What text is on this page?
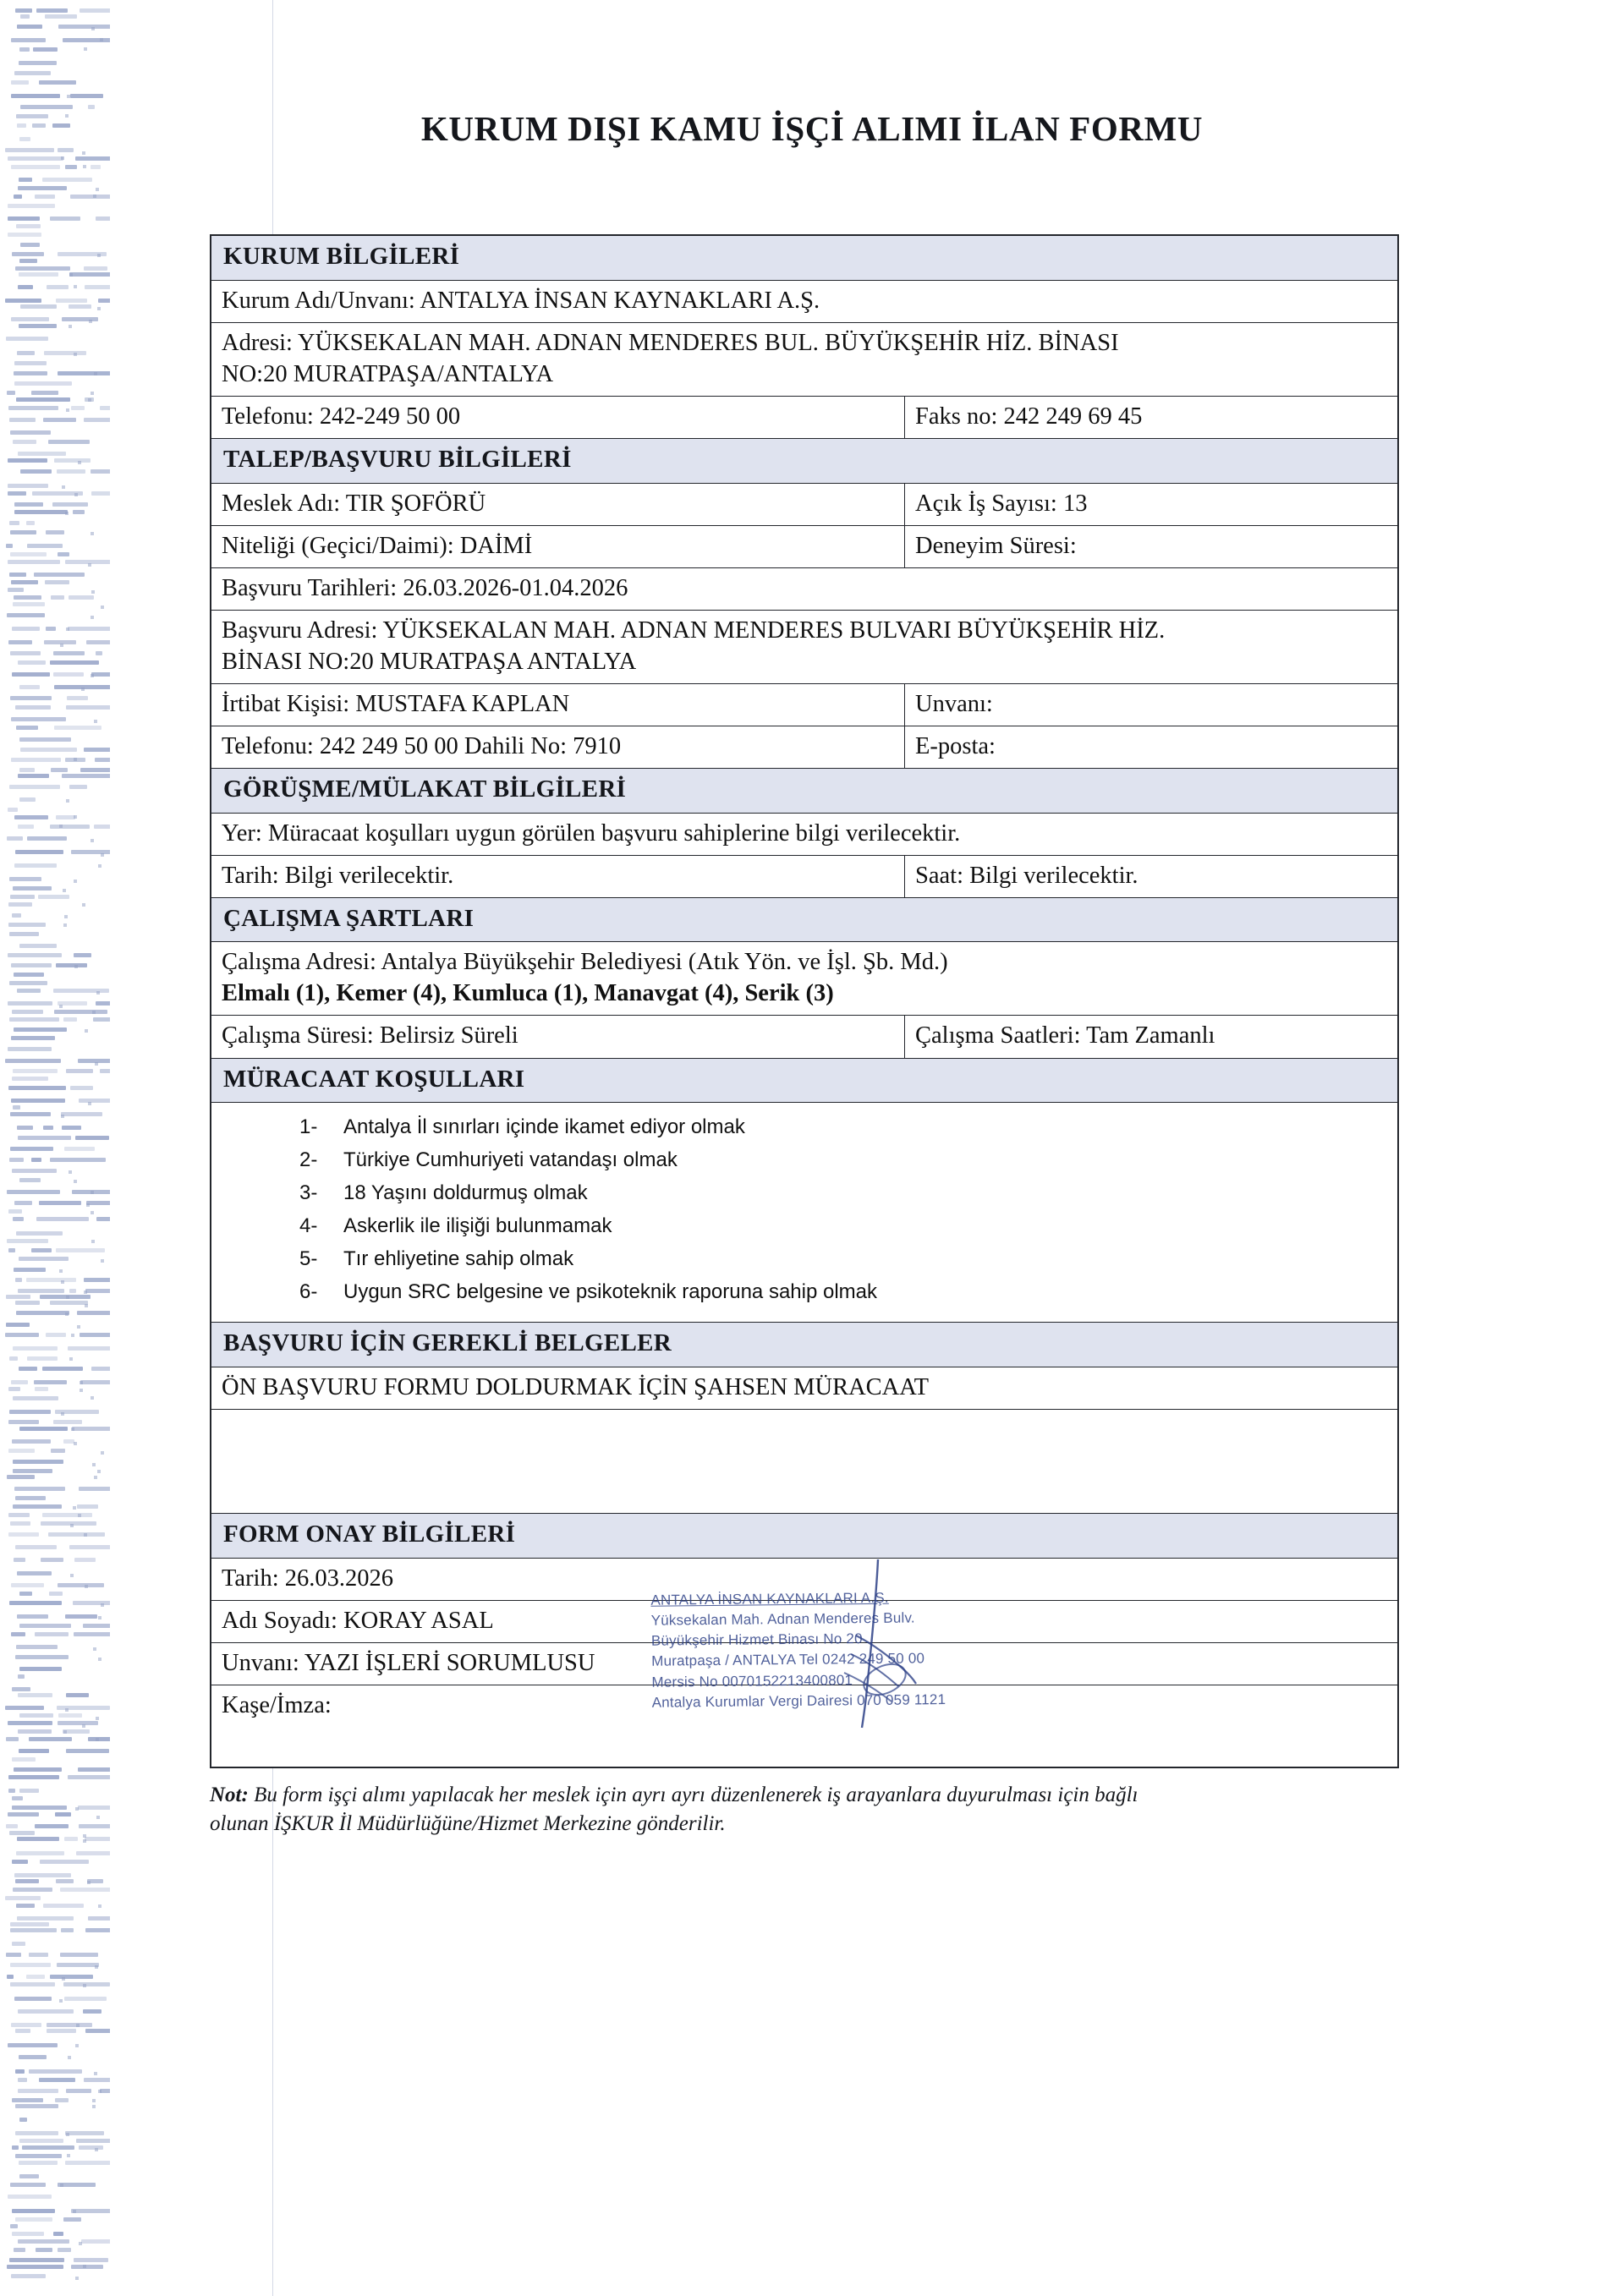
KURUM DIŞI KAMU İŞÇİ ALIMI İLAN FORMU
KURUM BİLGİLERİ
Kurum Adı/Unvanı: ANTALYA İNSAN KAYNAKLARI A.Ş.
Adresi: YÜKSEKALAN MAH. ADNAN MENDERES BUL. BÜYÜKŞEHİR HİZ. BİNASI
NO:20 MURATPAŞA/ANTALYA
Telefonu: 242-249 50 00	Faks no: 242 249 69 45
TALEP/BAŞVURU BİLGİLERİ
Meslek Adı: TIR ŞOFÖRÜ	Açık İş Sayısı: 13
Niteliği (Geçici/Daimi): DAİMİ	Deneyim Süresi:
Başvuru Tarihleri: 26.03.2026-01.04.2026
Başvuru Adresi: YÜKSEKALAN MAH. ADNAN MENDERES BULVARI BÜYÜKŞEHİR HİZ.
BİNASI NO:20 MURATPAŞA ANTALYA
İrtibat Kişisi: MUSTAFA KAPLAN	Unvanı:
Telefonu: 242 249 50 00 Dahili No: 7910	E-posta:
GÖRÜŞME/MÜLAKAT BİLGİLERİ
Yer: Müracaat koşulları uygun görülen başvuru sahiplerine bilgi verilecektir.
Tarih: Bilgi verilecektir.	Saat: Bilgi verilecektir.
ÇALIŞMA ŞARTLARI
Çalışma Adresi: Antalya Büyükşehir Belediyesi (Atık Yön. ve İşl. Şb. Md.)
Elmalı (1), Kemer (4), Kumluca (1), Manavgat (4), Serik (3)
Çalışma Süresi: Belirsiz Süreli	Çalışma Saatleri: Tam Zamanlı
MÜRACAAT KOŞULLARI
1-	Antalya İl sınırları içinde ikamet ediyor olmak
2-	Türkiye Cumhuriyeti vatandaşı olmak
3-	18 Yaşını doldurmuş olmak
4-	Askerlik ile ilişiği bulunmamak
5-	Tır ehliyetine sahip olmak
6-	Uygun SRC belgesine ve psikoteknik raporuna sahip olmak
BAŞVURU İÇİN GEREKLİ BELGELER
ÖN BAŞVURU FORMU DOLDURMAK İÇİN ŞAHSEN MÜRACAAT
FORM ONAY BİLGİLERİ
Tarih: 26.03.2026
Adı Soyadı: KORAY ASAL
Unvanı: YAZI İŞLERİ SORUMLUSU
Kaşe/İmza:
ANTALYA İNSAN KAYNAKLARI A.Ş.
Yüksekalan Mah. Adnan Menderes Bulv.
Büyükşehir Hizmet Binası No 20
Muratpaşa / ANTALYA Tel 0242 249 50 00
Mersis No 0070152213400801
Antalya Kurumlar Vergi Dairesi 070 059 1121
Not: Bu form işçi alımı yapılacak her meslek için ayrı ayrı düzenlenerek iş arayanlara duyurulması için bağlı
olunan İŞKUR İl Müdürlüğüne/Hizmet Merkezine gönderilir.
